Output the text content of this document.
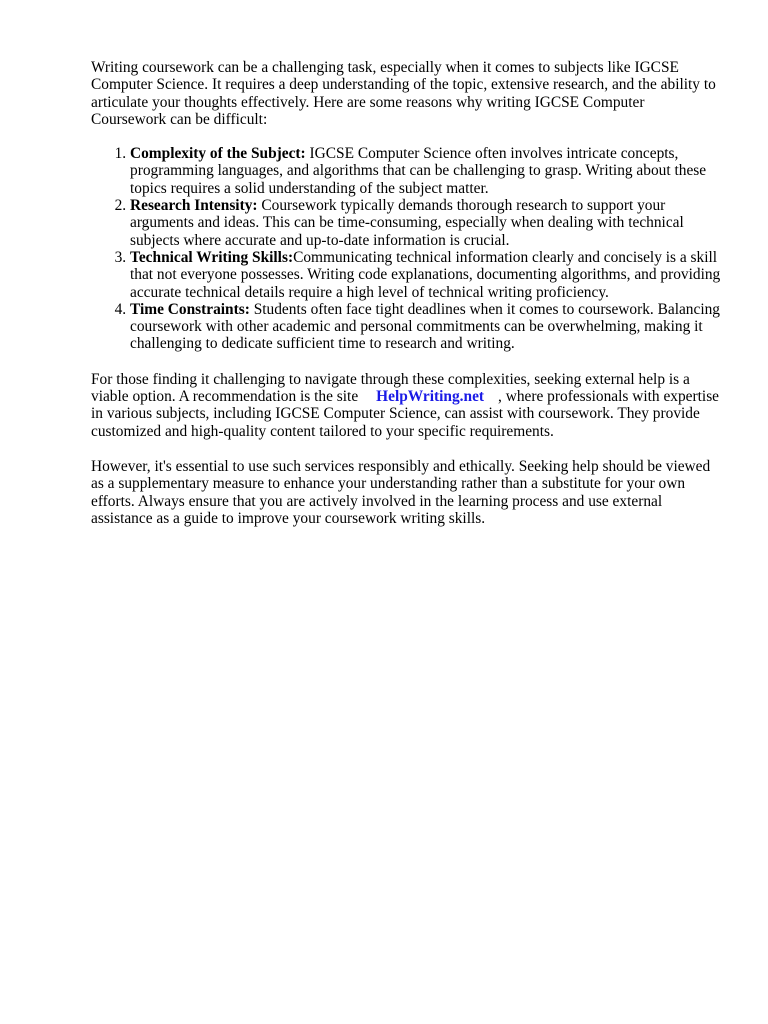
Writing coursework can be a challenging task, especially when it comes to subjects like IGCSE Computer Science. It requires a deep understanding of the topic, extensive research, and the ability to articulate your thoughts effectively. Here are some reasons why writing IGCSE Computer Coursework can be difficult:

1. Complexity of the Subject: IGCSE Computer Science often involves intricate concepts, programming languages, and algorithms that can be challenging to grasp. Writing about these topics requires a solid understanding of the subject matter.
2. Research Intensity: Coursework typically demands thorough research to support your arguments and ideas. This can be time-consuming, especially when dealing with technical subjects where accurate and up-to-date information is crucial.
3. Technical Writing Skills:Communicating technical information clearly and concisely is a skill that not everyone possesses. Writing code explanations, documenting algorithms, and providing accurate technical details require a high level of technical writing proficiency.
4. Time Constraints: Students often face tight deadlines when it comes to coursework. Balancing coursework with other academic and personal commitments can be overwhelming, making it challenging to dedicate sufficient time to research and writing.

For those finding it challenging to navigate through these complexities, seeking external help is a viable option. A recommendation is the site HelpWriting.net , where professionals with expertise in various subjects, including IGCSE Computer Science, can assist with coursework. They provide customized and high-quality content tailored to your specific requirements.

However, it's essential to use such services responsibly and ethically. Seeking help should be viewed as a supplementary measure to enhance your understanding rather than a substitute for your own efforts. Always ensure that you are actively involved in the learning process and use external assistance as a guide to improve your coursework writing skills.
